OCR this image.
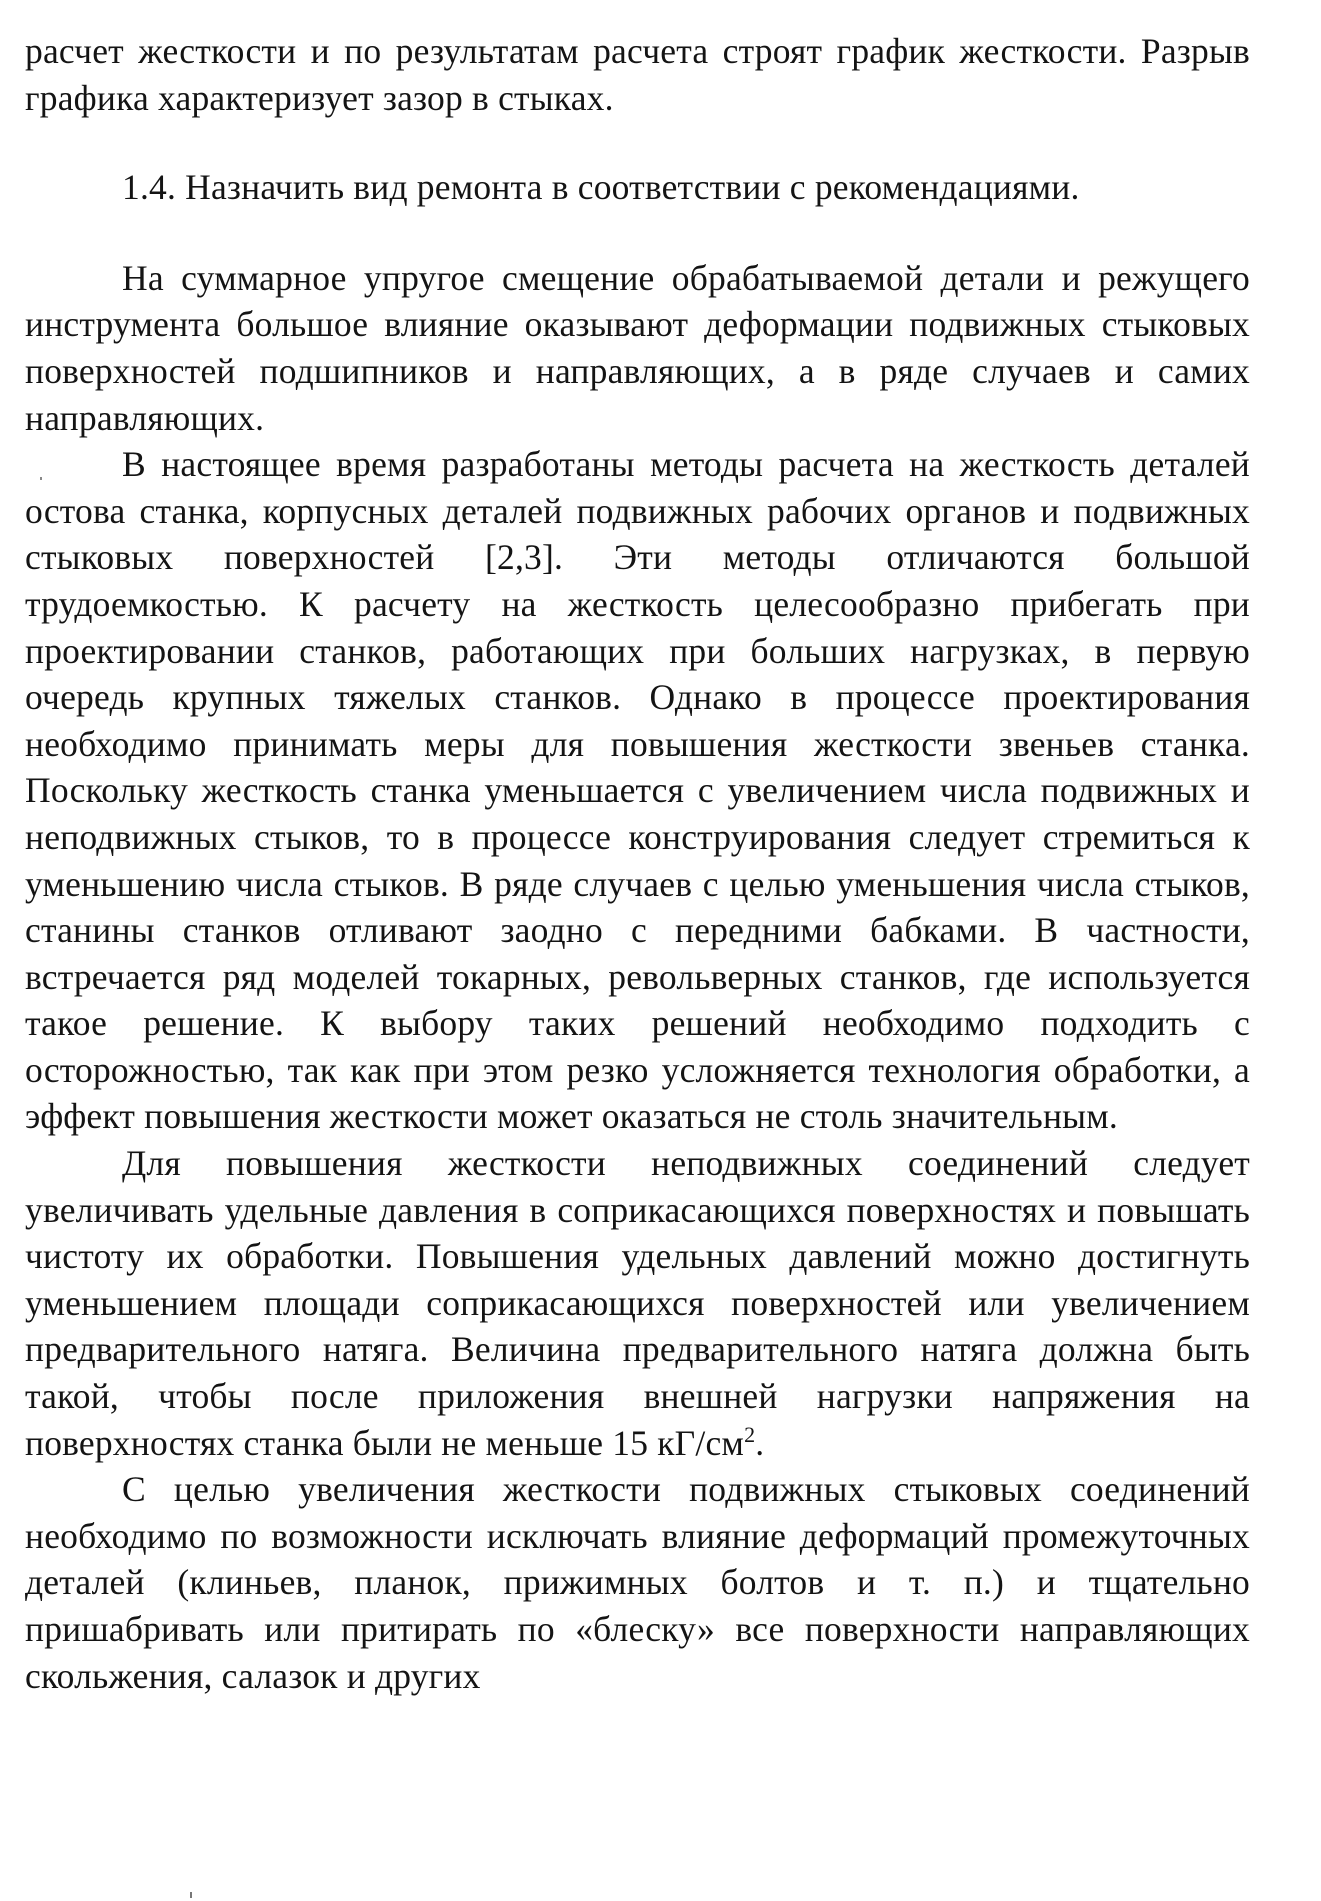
расчет жесткости и по результатам расчета строят график жесткости. Разрыв графика характеризует зазор в стыках.

1.4. Назначить вид ремонта в соответствии с рекомендациями.

На суммарное упругое смещение обрабатываемой детали и режущего инструмента большое влияние оказывают деформации подвижных стыковых поверхностей подшипников и направляющих, а в ряде случаев и самих направляющих.

В настоящее время разработаны методы расчета на жесткость деталей остова станка, корпусных деталей подвижных рабочих органов и подвижных стыковых поверхностей [2,3]. Эти методы отличаются большой трудоемкостью. К расчету на жесткость целесообразно прибегать при проектировании станков, работающих при больших нагрузках, в первую очередь крупных тяжелых станков. Однако в процессе проектирования необходимо принимать меры для повышения жесткости звеньев станка. Поскольку жесткость станка уменьшается с увеличением числа подвижных и неподвижных стыков, то в процессе конструирования следует стремиться к уменьшению числа стыков. В ряде случаев с целью уменьшения числа стыков, станины станков отливают заодно с передними бабками. В частности, встречается ряд моделей токарных, револьверных станков, где используется такое решение. К выбору таких решений необходимо подходить с осторожностью, так как при этом резко усложняется технология обработки, а эффект повышения жесткости может оказаться не столь значительным.

Для повышения жесткости неподвижных соединений следует увеличивать удельные давления в соприкасающихся поверхностях и повышать чистоту их обработки. Повышения удельных давлений можно достигнуть уменьшением площади соприкасающихся поверхностей или увеличением предварительного натяга. Величина предварительного натяга должна быть такой, чтобы после приложения внешней нагрузки напряжения на поверхностях станка были не меньше 15 $кГ/см^2$.

С целью увеличения жесткости подвижных стыковых соединений необходимо по возможности исключать влияние деформаций промежуточных деталей (клиньев, планок, прижимных болтов и т. п.) и тщательно пришабривать или притирать по «блеску» все поверхности направляющих скольжения, салазок и других
